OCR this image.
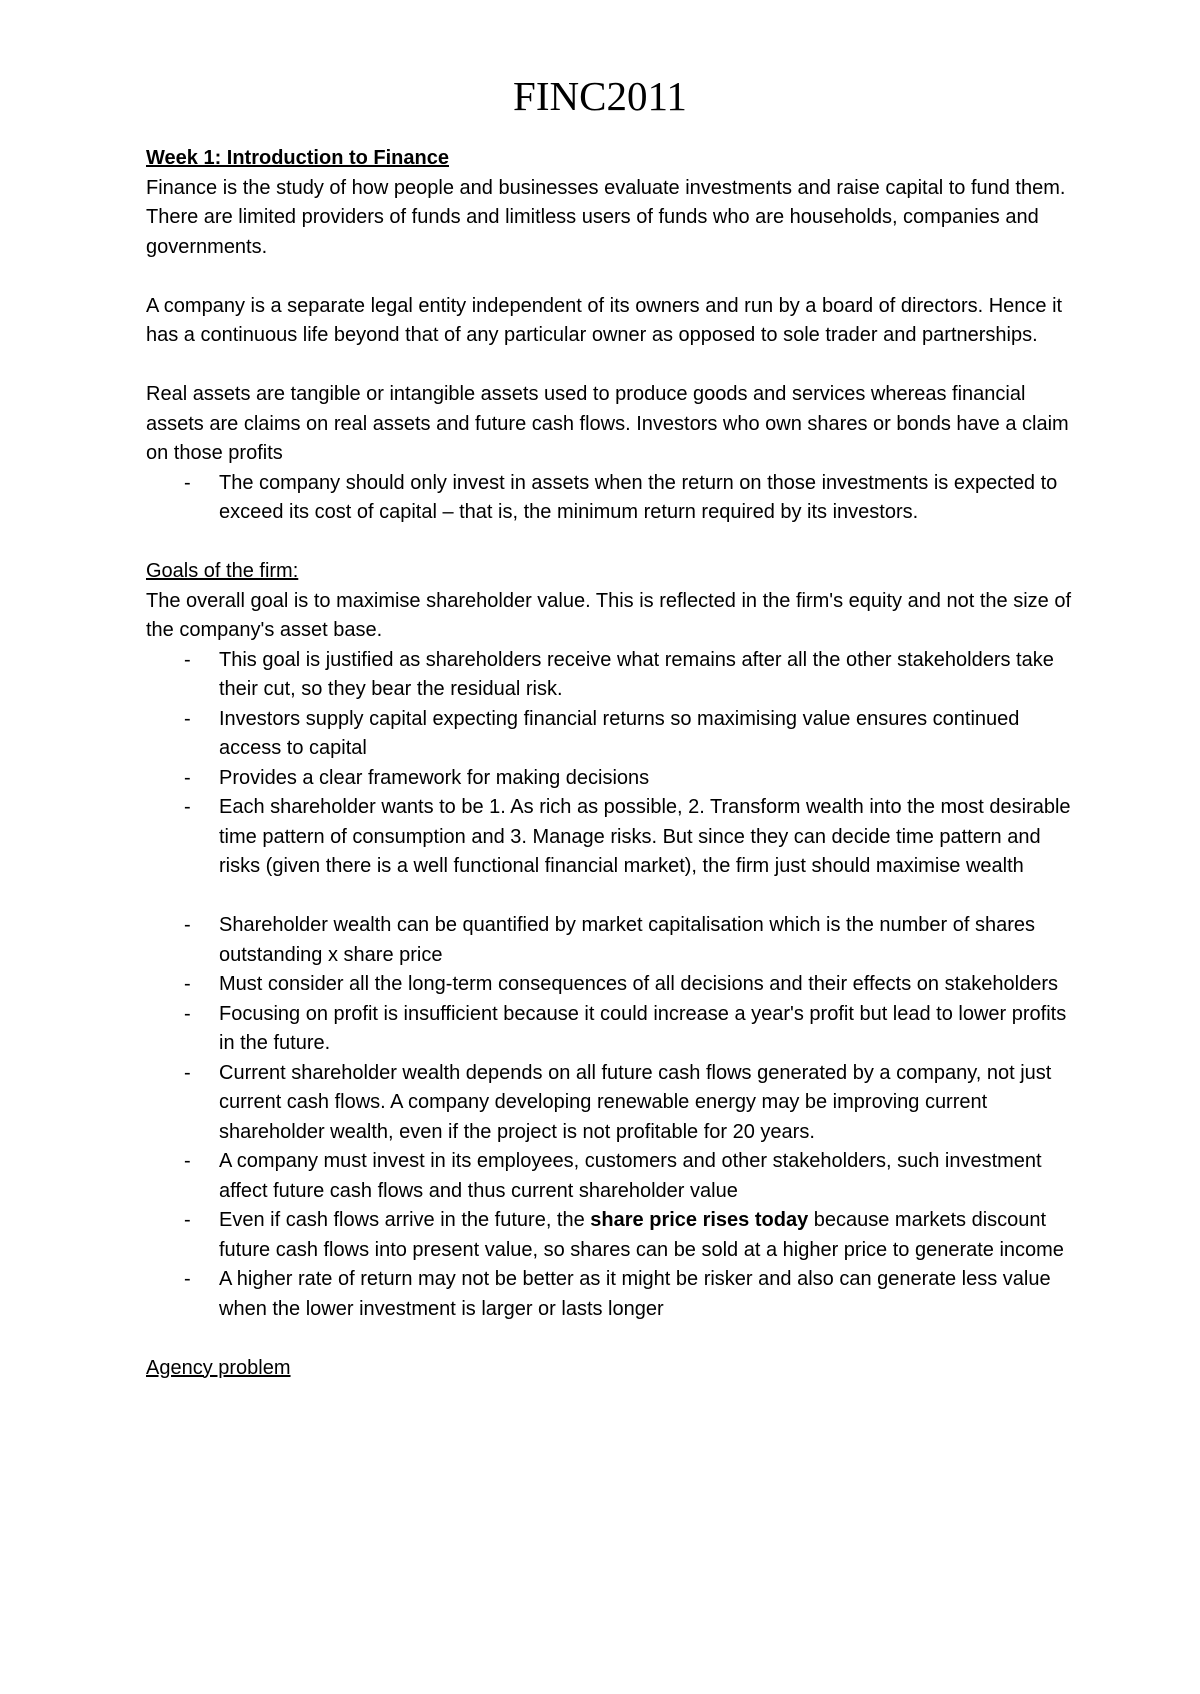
FINC2011

Week 1: Introduction to Finance

Finance is the study of how people and businesses evaluate investments and raise capital to fund them. There are limited providers of funds and limitless users of funds who are households, companies and governments.

A company is a separate legal entity independent of its owners and run by a board of directors. Hence it has a continuous life beyond that of any particular owner as opposed to sole trader and partnerships.

Real assets are tangible or intangible assets used to produce goods and services whereas financial assets are claims on real assets and future cash flows. Investors who own shares or bonds have a claim on those profits

- The company should only invest in assets when the return on those investments is expected to exceed its cost of capital – that is, the minimum return required by its investors.

Goals of the firm:

The overall goal is to maximise shareholder value. This is reflected in the firm's equity and not the size of the company's asset base.

- This goal is justified as shareholders receive what remains after all the other stakeholders take their cut, so they bear the residual risk.
- Investors supply capital expecting financial returns so maximising value ensures continued access to capital
- Provides a clear framework for making decisions
- Each shareholder wants to be 1. As rich as possible, 2. Transform wealth into the most desirable time pattern of consumption and 3. Manage risks. But since they can decide time pattern and risks (given there is a well functional financial market), the firm just should maximise wealth
- Shareholder wealth can be quantified by market capitalisation which is the number of shares outstanding x share price
- Must consider all the long-term consequences of all decisions and their effects on stakeholders
- Focusing on profit is insufficient because it could increase a year's profit but lead to lower profits in the future.
- Current shareholder wealth depends on all future cash flows generated by a company, not just current cash flows. A company developing renewable energy may be improving current shareholder wealth, even if the project is not profitable for 20 years.
- A company must invest in its employees, customers and other stakeholders, such investment affect future cash flows and thus current shareholder value
- Even if cash flows arrive in the future, the share price rises today because markets discount future cash flows into present value, so shares can be sold at a higher price to generate income
- A higher rate of return may not be better as it might be risker and also can generate less value when the lower investment is larger or lasts longer

Agency problem
